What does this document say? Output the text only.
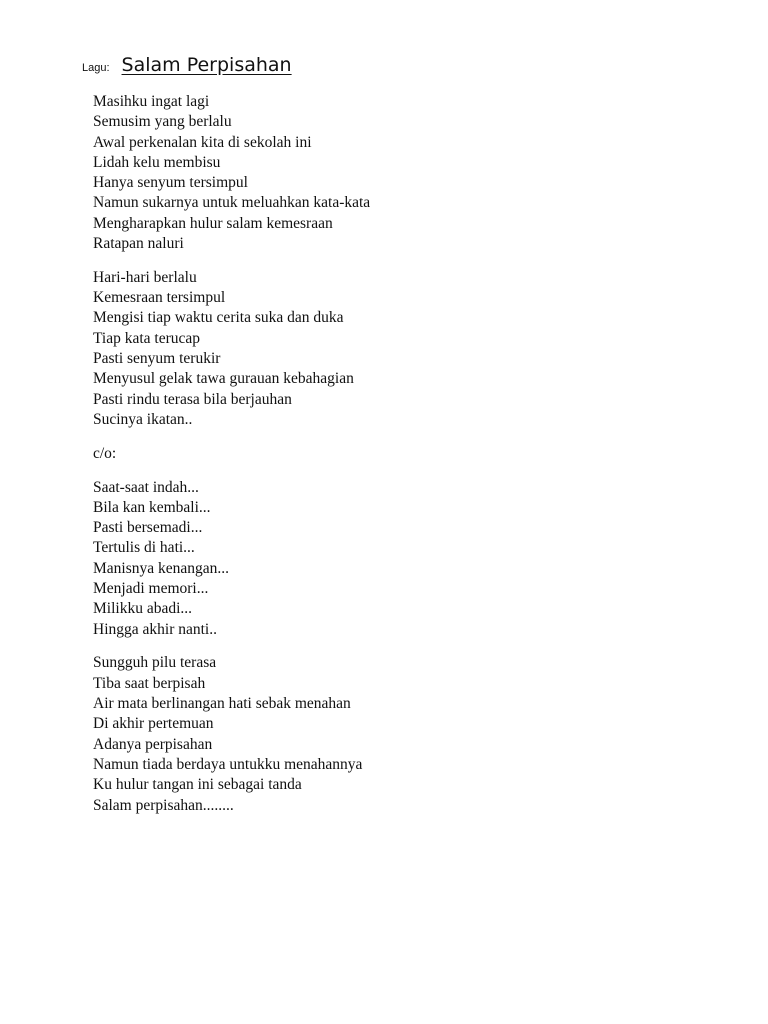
Lagu: Salam Perpisahan
Masihku ingat lagi
Semusim yang berlalu
Awal perkenalan kita di sekolah ini
Lidah kelu membisu
Hanya senyum tersimpul
Namun sukarnya untuk meluahkan kata-kata
Mengharapkan hulur salam kemesraan
Ratapan naluri
Hari-hari berlalu
Kemesraan tersimpul
Mengisi tiap waktu cerita suka dan duka
Tiap kata terucap
Pasti senyum terukir
Menyusul gelak tawa gurauan kebahagian
Pasti rindu terasa bila berjauhan
Sucinya ikatan..
c/o:
Saat-saat indah...
Bila kan kembali...
Pasti bersemadi...
Tertulis di hati...
Manisnya kenangan...
Menjadi memori...
Milikku abadi...
Hingga akhir nanti..
Sungguh pilu terasa
Tiba saat berpisah
Air mata berlinangan hati sebak menahan
Di akhir pertemuan
Adanya perpisahan
Namun tiada berdaya untukku menahannya
Ku hulur tangan ini sebagai tanda
Salam perpisahan........
